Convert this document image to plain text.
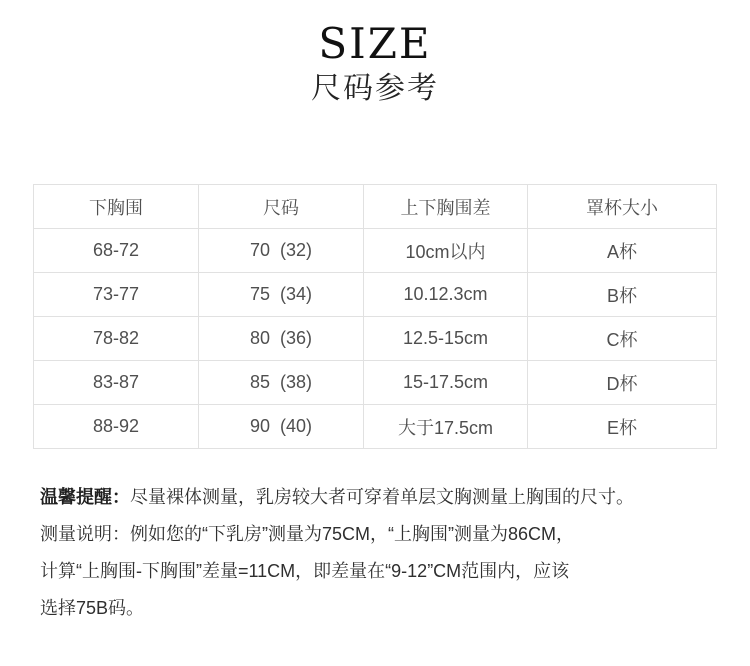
SIZE
尺码参考
下胸围	尺码	上下胸围差	罩杯大小
68-72	70  (32)	10cm以内	A杯
73-77	75  (34)	10.12.3cm	B杯
78-82	80  (36)	12.5-15cm	C杯
83-87	85  (38)	15-17.5cm	D杯
88-92	90  (40)	大于17.5cm	E杯

温馨提醒：尽量裸体测量，乳房较大者可穿着单层文胸测量上胸围的尺寸。

测量说明：例如您的“下乳房”测量为75CM，“上胸围”测量为86CM，

计算“上胸围-下胸围”差量=11CM，即差量在“9-12”CM范围内，应该

选择75B码。
